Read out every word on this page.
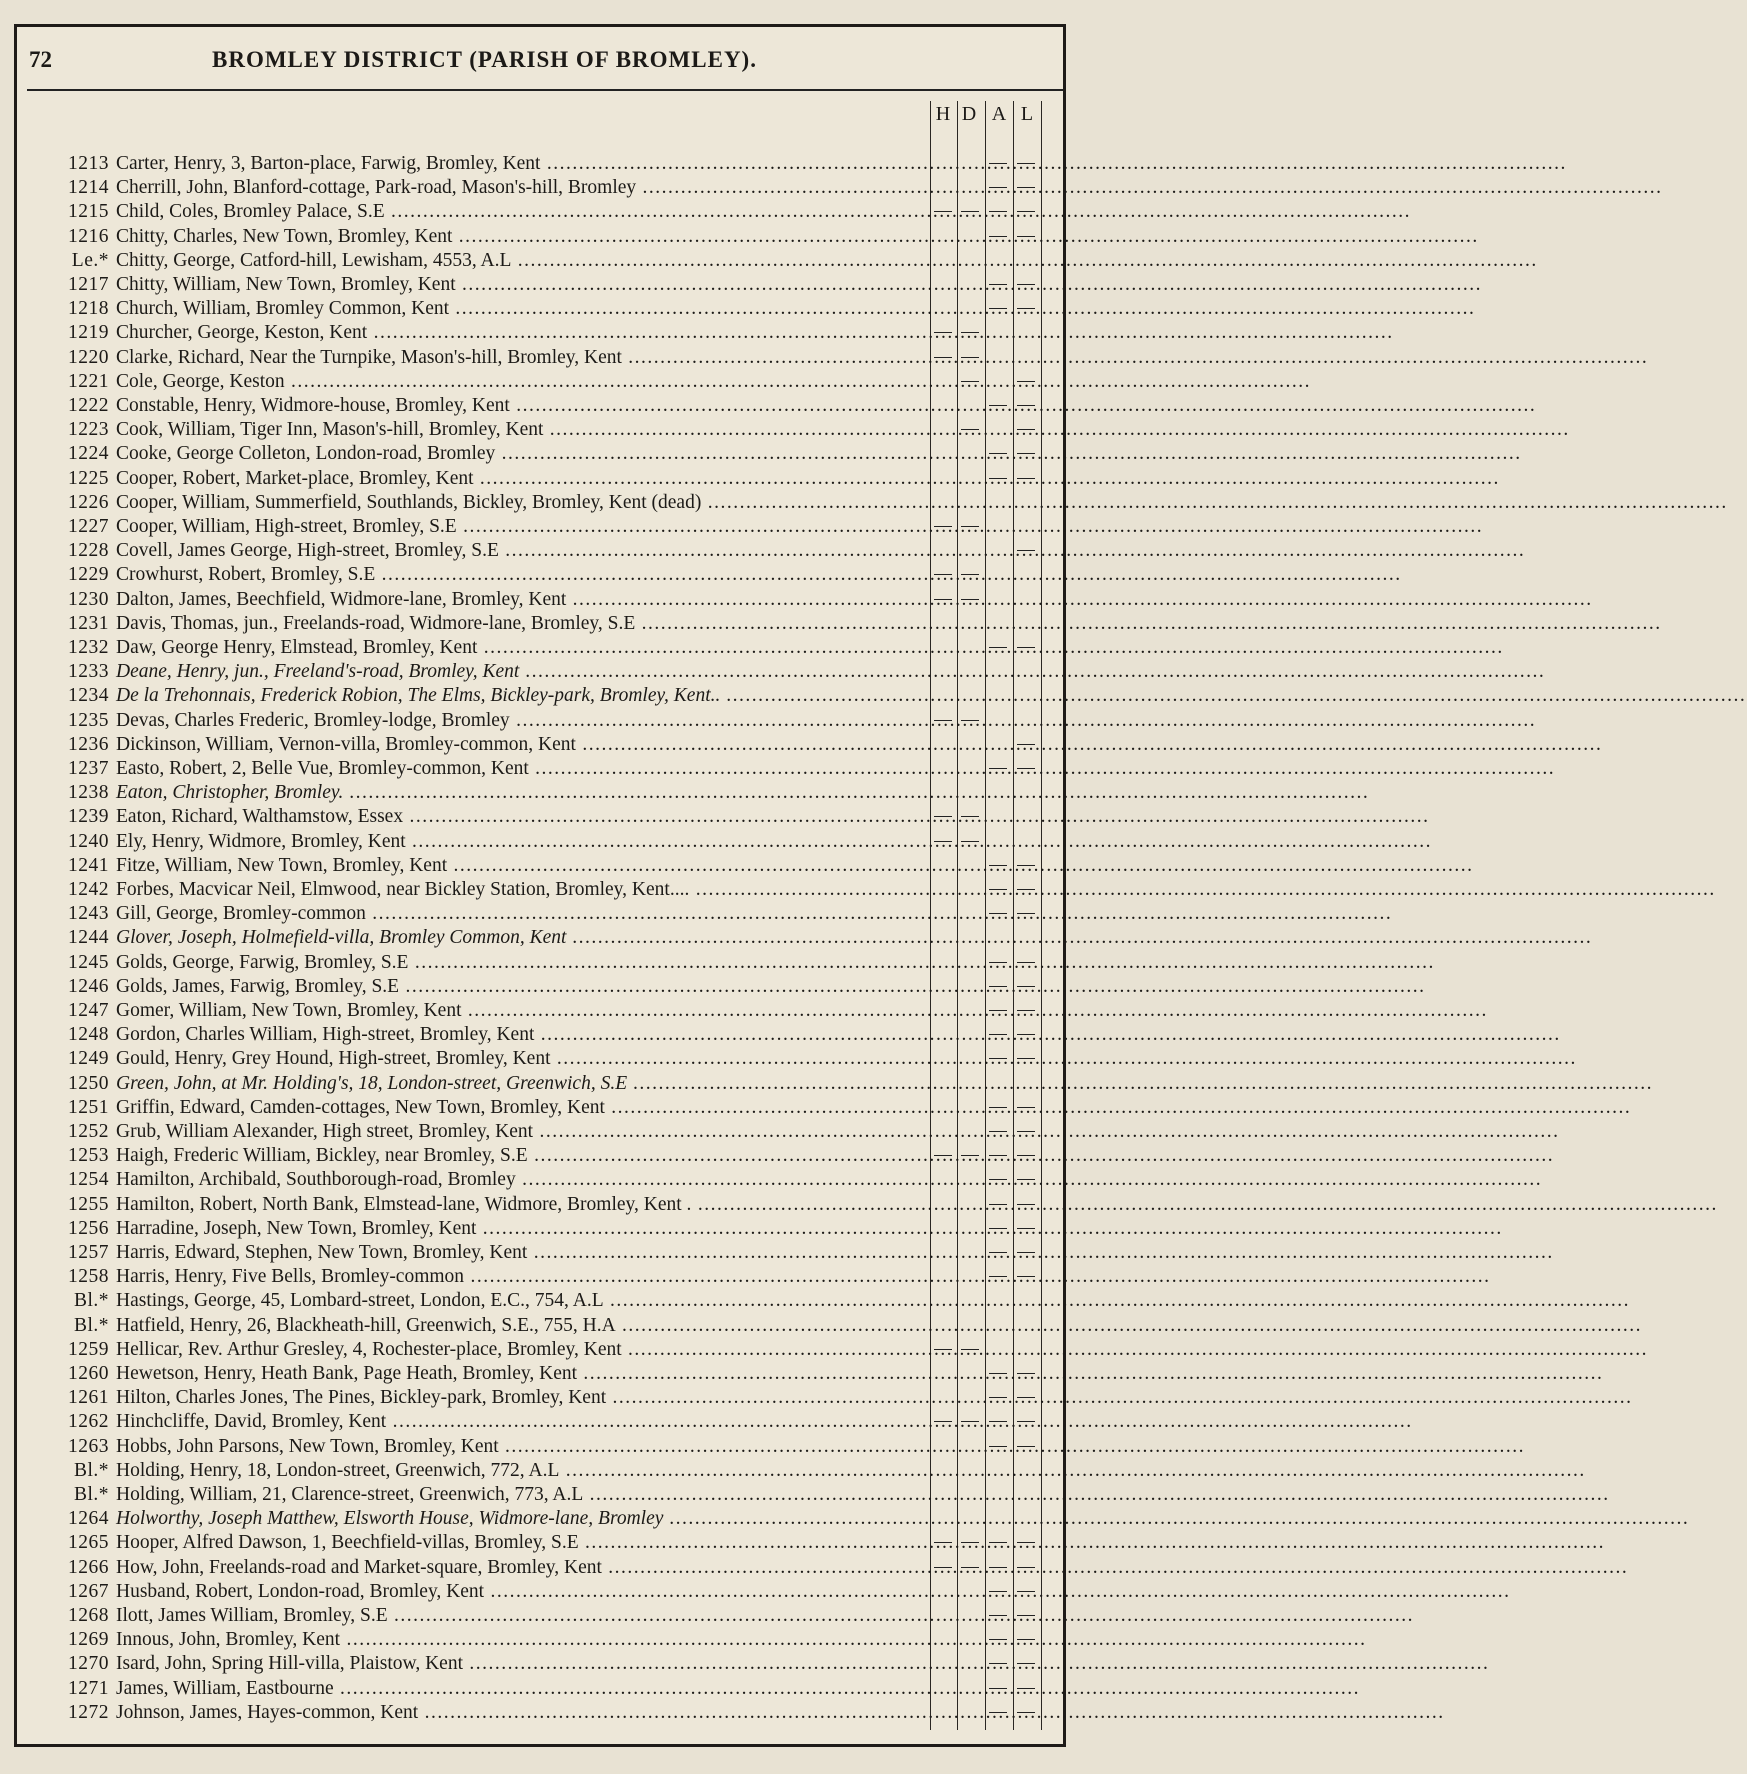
72	BROMLEY DISTRICT (PARISH OF BROMLEY).
H D A L
1213 Carter, Henry, 3, Barton-place, Farwig, Bromley, Kent ................................................................................................................................................................
1214 Cherrill, John, Blanford-cottage, Park-road, Mason's-hill, Bromley ................................................................................................................................................................
1215 Child, Coles, Bromley Palace, S.E ................................................................................................................................................................
1216 Chitty, Charles, New Town, Bromley, Kent ................................................................................................................................................................
Le.* Chitty, George, Catford-hill, Lewisham, 4553, A.L ................................................................................................................................................................
1217 Chitty, William, New Town, Bromley, Kent ................................................................................................................................................................
1218 Church, William, Bromley Common, Kent ................................................................................................................................................................
1219 Churcher, George, Keston, Kent ................................................................................................................................................................
1220 Clarke, Richard, Near the Turnpike, Mason's-hill, Bromley, Kent ................................................................................................................................................................
1221 Cole, George, Keston ................................................................................................................................................................
1222 Constable, Henry, Widmore-house, Bromley, Kent ................................................................................................................................................................
1223 Cook, William, Tiger Inn, Mason's-hill, Bromley, Kent ................................................................................................................................................................
1224 Cooke, George Colleton, London-road, Bromley ................................................................................................................................................................
1225 Cooper, Robert, Market-place, Bromley, Kent ................................................................................................................................................................
1226 Cooper, William, Summerfield, Southlands, Bickley, Bromley, Kent (dead) ................................................................................................................................................................
1227 Cooper, William, High-street, Bromley, S.E ................................................................................................................................................................
1228 Covell, James George, High-street, Bromley, S.E ................................................................................................................................................................
1229 Crowhurst, Robert, Bromley, S.E ................................................................................................................................................................
1230 Dalton, James, Beechfield, Widmore-lane, Bromley, Kent ................................................................................................................................................................
1231 Davis, Thomas, jun., Freelands-road, Widmore-lane, Bromley, S.E ................................................................................................................................................................
1232 Daw, George Henry, Elmstead, Bromley, Kent ................................................................................................................................................................
1233 Deane, Henry, jun., Freeland's-road, Bromley, Kent ................................................................................................................................................................
1234 De la Trehonnais, Frederick Robion, The Elms, Bickley-park, Bromley, Kent.. ................................................................................................................................................................
1235 Devas, Charles Frederic, Bromley-lodge, Bromley ................................................................................................................................................................
1236 Dickinson, William, Vernon-villa, Bromley-common, Kent ................................................................................................................................................................
1237 Easto, Robert, 2, Belle Vue, Bromley-common, Kent ................................................................................................................................................................
1238 Eaton, Christopher, Bromley. ................................................................................................................................................................
1239 Eaton, Richard, Walthamstow, Essex ................................................................................................................................................................
1240 Ely, Henry, Widmore, Bromley, Kent ................................................................................................................................................................
1241 Fitze, William, New Town, Bromley, Kent ................................................................................................................................................................
1242 Forbes, Macvicar Neil, Elmwood, near Bickley Station, Bromley, Kent.... ................................................................................................................................................................
1243 Gill, George, Bromley-common ................................................................................................................................................................
1244 Glover, Joseph, Holmefield-villa, Bromley Common, Kent ................................................................................................................................................................
1245 Golds, George, Farwig, Bromley, S.E ................................................................................................................................................................
1246 Golds, James, Farwig, Bromley, S.E ................................................................................................................................................................
1247 Gomer, William, New Town, Bromley, Kent ................................................................................................................................................................
1248 Gordon, Charles William, High-street, Bromley, Kent ................................................................................................................................................................
1249 Gould, Henry, Grey Hound, High-street, Bromley, Kent ................................................................................................................................................................
1250 Green, John, at Mr. Holding's, 18, London-street, Greenwich, S.E ................................................................................................................................................................
1251 Griffin, Edward, Camden-cottages, New Town, Bromley, Kent ................................................................................................................................................................
1252 Grub, William Alexander, High street, Bromley, Kent ................................................................................................................................................................
1253 Haigh, Frederic William, Bickley, near Bromley, S.E ................................................................................................................................................................
1254 Hamilton, Archibald, Southborough-road, Bromley ................................................................................................................................................................
1255 Hamilton, Robert, North Bank, Elmstead-lane, Widmore, Bromley, Kent . ................................................................................................................................................................
1256 Harradine, Joseph, New Town, Bromley, Kent ................................................................................................................................................................
1257 Harris, Edward, Stephen, New Town, Bromley, Kent ................................................................................................................................................................
1258 Harris, Henry, Five Bells, Bromley-common ................................................................................................................................................................
Bl.* Hastings, George, 45, Lombard-street, London, E.C., 754, A.L ................................................................................................................................................................
Bl.* Hatfield, Henry, 26, Blackheath-hill, Greenwich, S.E., 755, H.A ................................................................................................................................................................
1259 Hellicar, Rev. Arthur Gresley, 4, Rochester-place, Bromley, Kent ................................................................................................................................................................
1260 Hewetson, Henry, Heath Bank, Page Heath, Bromley, Kent ................................................................................................................................................................
1261 Hilton, Charles Jones, The Pines, Bickley-park, Bromley, Kent ................................................................................................................................................................
1262 Hinchcliffe, David, Bromley, Kent ................................................................................................................................................................
1263 Hobbs, John Parsons, New Town, Bromley, Kent ................................................................................................................................................................
Bl.* Holding, Henry, 18, London-street, Greenwich, 772, A.L ................................................................................................................................................................
Bl.* Holding, William, 21, Clarence-street, Greenwich, 773, A.L ................................................................................................................................................................
1264 Holworthy, Joseph Matthew, Elsworth House, Widmore-lane, Bromley ................................................................................................................................................................
1265 Hooper, Alfred Dawson, 1, Beechfield-villas, Bromley, S.E ................................................................................................................................................................
1266 How, John, Freelands-road and Market-square, Bromley, Kent ................................................................................................................................................................
1267 Husband, Robert, London-road, Bromley, Kent ................................................................................................................................................................
1268 Ilott, James William, Bromley, S.E ................................................................................................................................................................
1269 Innous, John, Bromley, Kent ................................................................................................................................................................
1270 Isard, John, Spring Hill-villa, Plaistow, Kent ................................................................................................................................................................
1271 James, William, Eastbourne ................................................................................................................................................................
1272 Johnson, James, Hayes-common, Kent ................................................................................................................................................................
